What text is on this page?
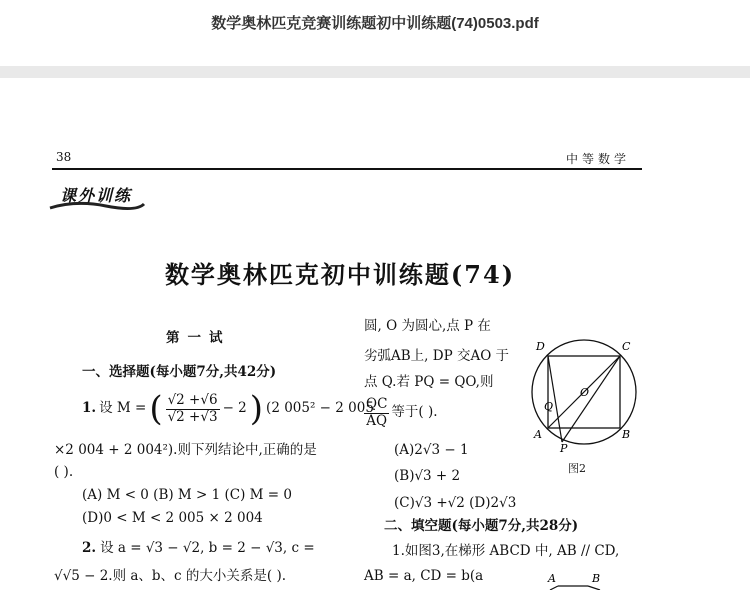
数学奥林匹克竞赛训练题初中训练题(74)0503.pdf
38	中等数学
课外训练
数学奥林匹克初中训练题(74)
第一试
一、选择题(每小题7分,共42分)
1. 设 M = ( $\frac{√2 +√6}{√2 +√3} - 2$ ) (2 005² − 2 005
×2 004 + 2 004²).则下列结论中,正确的是
( ).
(A) M < 0 (B) M > 1 (C) M = 0
(D)0 < M < 2 005 × 2 004
2. 设 a = √3 − √2, b = 2 − √3, c =
√√5 − 2.则 a、b、c 的大小关系是( ).
圆, O 为圆心,点 P 在
劣弧AB上, DP 交AO 于
点 Q.若 PQ = QO,则
$\frac{QC}{AQ}$ 等于( ).
(A)2√3 − 1
(B)√3 + 2
(C)√3 +√2 (D)2√3
二、填空题(每小题7分,共28分)
1.如图3,在梯形 ABCD 中, AB // CD,
AB = a, CD = b(a
D	C
A	B
O
Q
P
图2
A	B
